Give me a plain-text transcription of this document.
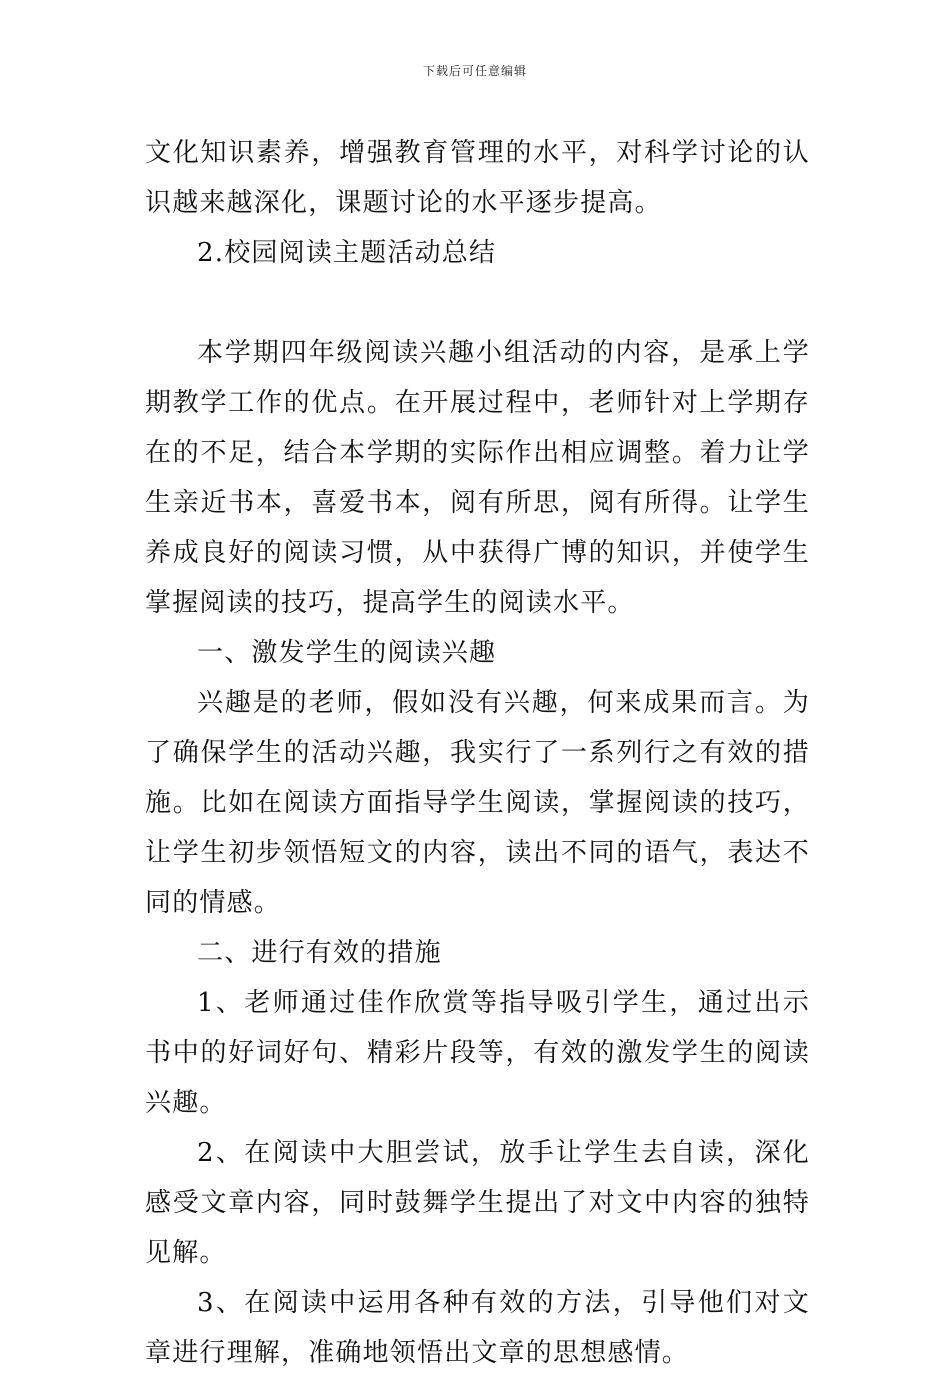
下载后可任意编辑

文化知识素养，增强教育管理的水平，对科学讨论的认识越来越深化，课题讨论的水平逐步提高。

2.校园阅读主题活动总结

本学期四年级阅读兴趣小组活动的内容，是承上学期教学工作的优点。在开展过程中，老师针对上学期存在的不足，结合本学期的实际作出相应调整。着力让学生亲近书本，喜爱书本，阅有所思，阅有所得。让学生养成良好的阅读习惯，从中获得广博的知识，并使学生掌握阅读的技巧，提高学生的阅读水平。

一、激发学生的阅读兴趣

兴趣是的老师，假如没有兴趣，何来成果而言。为了确保学生的活动兴趣，我实行了一系列行之有效的措施。比如在阅读方面指导学生阅读，掌握阅读的技巧，让学生初步领悟短文的内容，读出不同的语气，表达不同的情感。

二、进行有效的措施

1、老师通过佳作欣赏等指导吸引学生，通过出示书中的好词好句、精彩片段等，有效的激发学生的阅读兴趣。

2、在阅读中大胆尝试，放手让学生去自读，深化感受文章内容，同时鼓舞学生提出了对文中内容的独特见解。

3、在阅读中运用各种有效的方法，引导他们对文章进行理解，准确地领悟出文章的思想感情。
